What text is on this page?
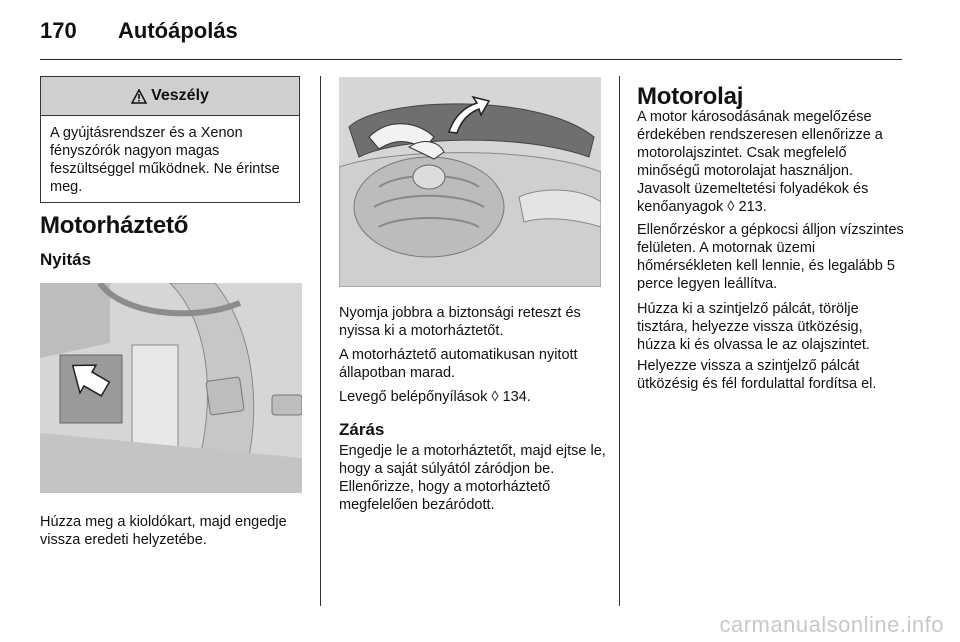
170 Autóápolás
Veszély
A gyújtásrendszer és a Xenon fényszórók nagyon magas feszültséggel működnek. Ne érintse meg.
Motorháztető
Nyitás
Húzza meg a kioldókart, majd engedje vissza eredeti helyzetébe.
Nyomja jobbra a biztonsági reteszt és nyissa ki a motorháztetőt.
A motorháztető automatikusan nyitott állapotban marad.
Levegő belépőnyílások ◊ 134.
Zárás
Engedje le a motorháztetőt, majd ejtse le, hogy a saját súlyától záródjon be. Ellenőrizze, hogy a motorháztető megfelelően bezáródott.
Motorolaj
A motor károsodásának megelőzése érdekében rendszeresen ellenőrizze a motorolajszintet. Csak megfelelő minőségű motorolajat használjon. Javasolt üzemeltetési folyadékok és kenőanyagok ◊ 213.
Ellenőrzéskor a gépkocsi álljon vízszintes felületen. A motornak üzemi hőmérsékleten kell lennie, és legalább 5 perce legyen leállítva.
Húzza ki a szintjelző pálcát, törölje tisztára, helyezze vissza ütközésig, húzza ki és olvassa le az olajszintet.
Helyezze vissza a szintjelző pálcát ütközésig és fél fordulattal fordítsa el.
carmanualsonline.info
